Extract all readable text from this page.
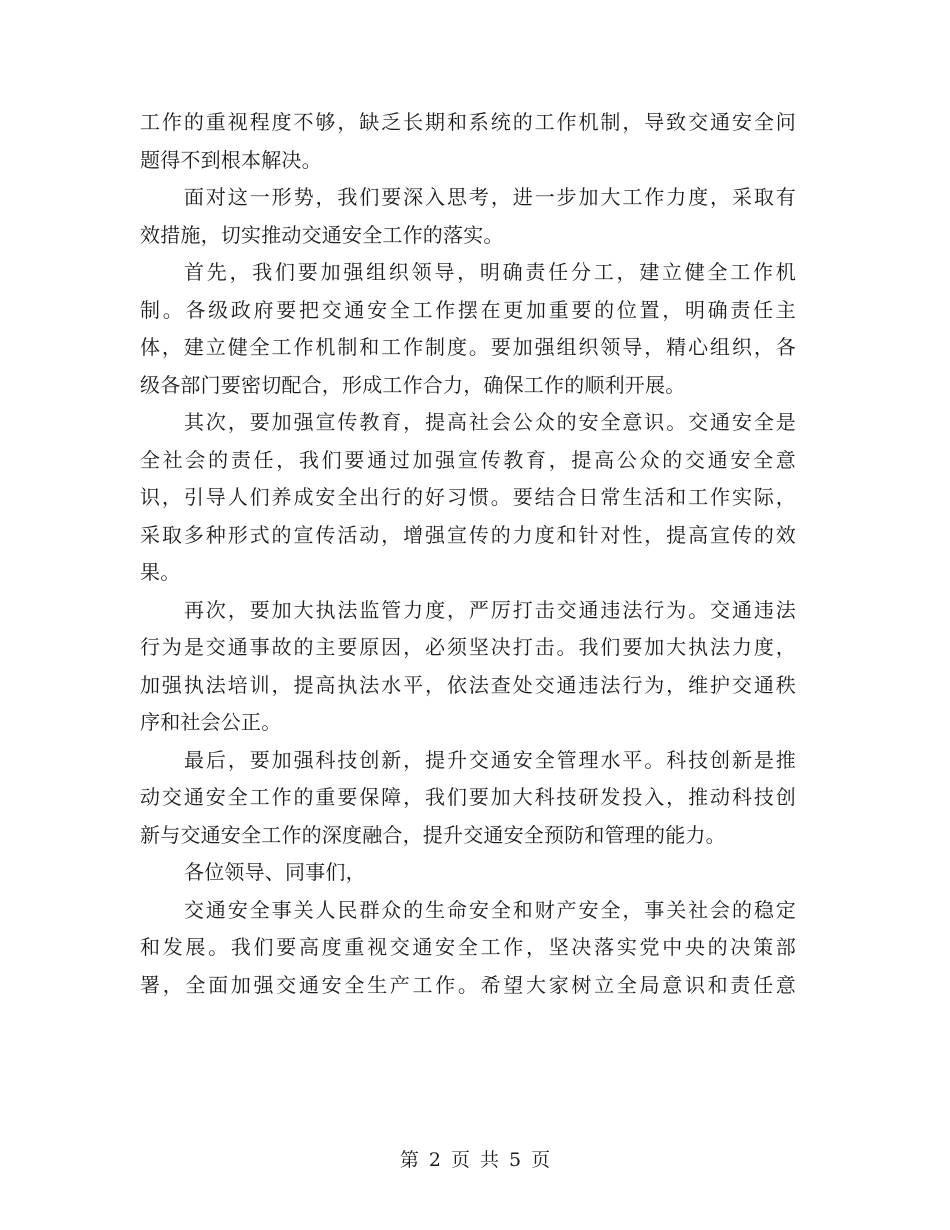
工作的重视程度不够，缺乏长期和系统的工作机制，导致交通安全问
题得不到根本解决。
面对这一形势，我们要深入思考，进一步加大工作力度，采取有
效措施，切实推动交通安全工作的落实。
首先，我们要加强组织领导，明确责任分工，建立健全工作机
制。各级政府要把交通安全工作摆在更加重要的位置，明确责任主
体，建立健全工作机制和工作制度。要加强组织领导，精心组织，各
级各部门要密切配合，形成工作合力，确保工作的顺利开展。
其次，要加强宣传教育，提高社会公众的安全意识。交通安全是
全社会的责任，我们要通过加强宣传教育，提高公众的交通安全意
识，引导人们养成安全出行的好习惯。要结合日常生活和工作实际，
采取多种形式的宣传活动，增强宣传的力度和针对性，提高宣传的效
果。
再次，要加大执法监管力度，严厉打击交通违法行为。交通违法
行为是交通事故的主要原因，必须坚决打击。我们要加大执法力度，
加强执法培训，提高执法水平，依法查处交通违法行为，维护交通秩
序和社会公正。
最后，要加强科技创新，提升交通安全管理水平。科技创新是推
动交通安全工作的重要保障，我们要加大科技研发投入，推动科技创
新与交通安全工作的深度融合，提升交通安全预防和管理的能力。
各位领导、同事们，
交通安全事关人民群众的生命安全和财产安全，事关社会的稳定
和发展。我们要高度重视交通安全工作，坚决落实党中央的决策部
署，全面加强交通安全生产工作。希望大家树立全局意识和责任意
第 2 页 共 5 页
